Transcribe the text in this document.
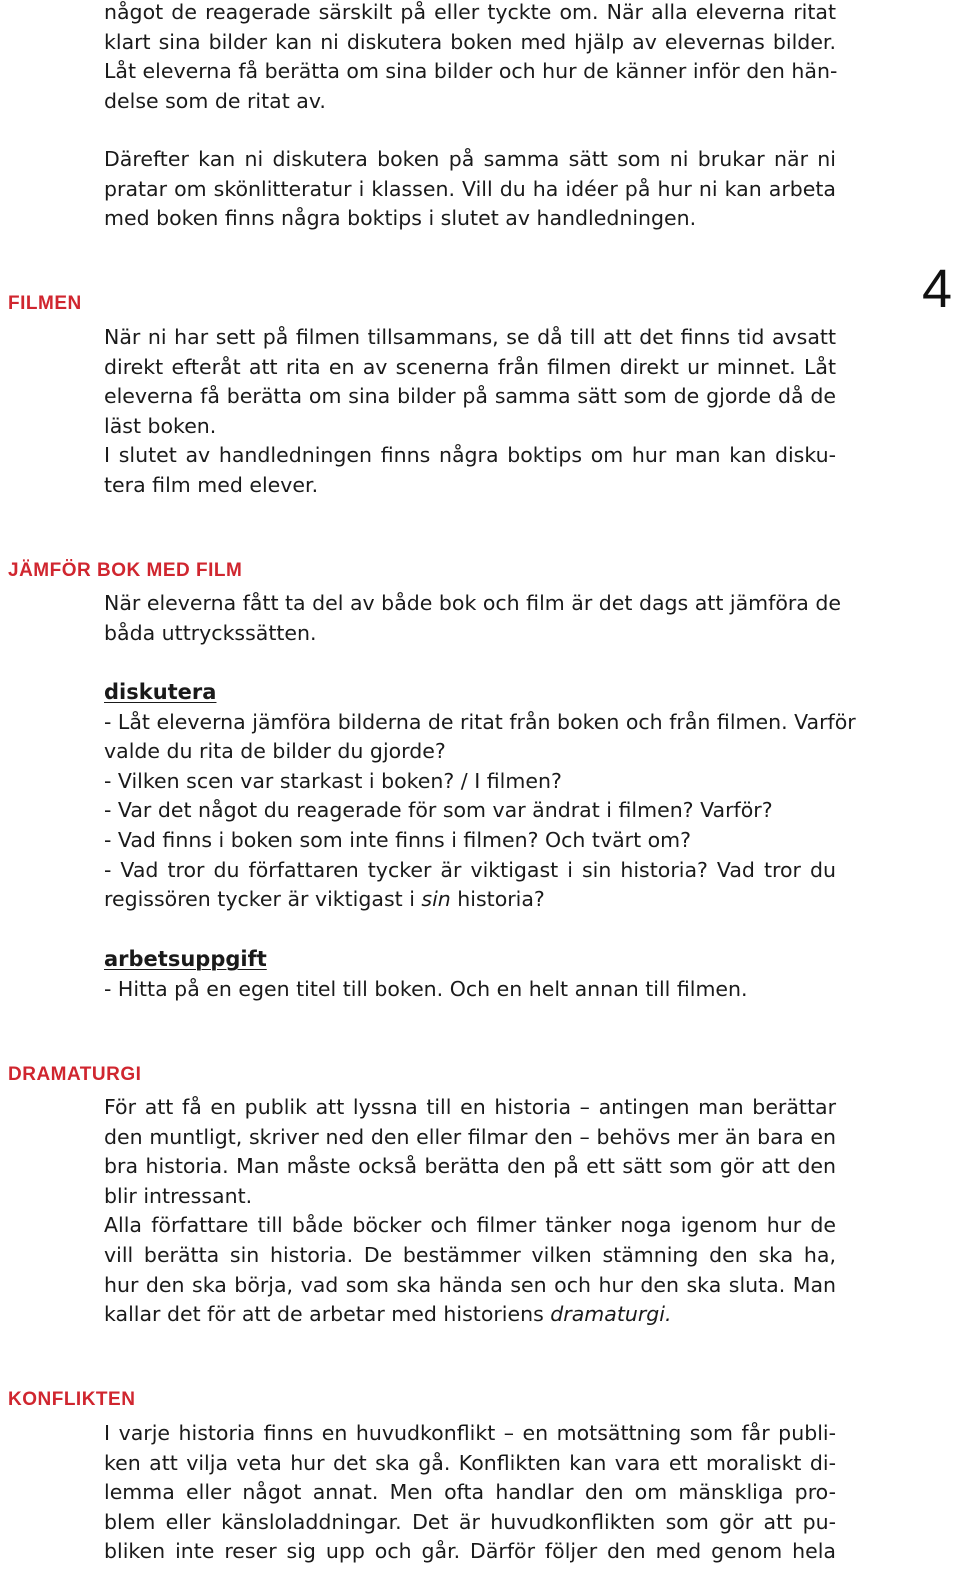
något de reagerade särskilt på eller tyckte om. När alla eleverna ritat
klart sina bilder kan ni diskutera boken med hjälp av elevernas bilder.
Låt eleverna få berätta om sina bilder och hur de känner inför den hän-
delse som de ritat av.
Därefter kan ni diskutera boken på samma sätt som ni brukar när ni
pratar om skönlitteratur i klassen. Vill du ha idéer på hur ni kan arbeta
med boken finns några boktips i slutet av handledningen.
FILMEN	4
När ni har sett på filmen tillsammans, se då till att det finns tid avsatt
direkt efteråt att rita en av scenerna från filmen direkt ur minnet. Låt
eleverna få berätta om sina bilder på samma sätt som de gjorde då de
läst boken.
I slutet av handledningen finns några boktips om hur man kan disku-
tera film med elever.
JÄMFÖR BOK MED FILM
När eleverna fått ta del av både bok och film är det dags att jämföra de
båda uttryckssätten.
diskutera
- Låt eleverna jämföra bilderna de ritat från boken och från filmen. Varför
valde du rita de bilder du gjorde?
- Vilken scen var starkast i boken? / I filmen?
- Var det något du reagerade för som var ändrat i filmen? Varför?
- Vad finns i boken som inte finns i filmen? Och tvärt om?
- Vad tror du författaren tycker är viktigast i sin historia? Vad tror du
regissören tycker är viktigast i sin historia?
arbetsuppgift
- Hitta på en egen titel till boken. Och en helt annan till filmen.
DRAMATURGI
För att få en publik att lyssna till en historia – antingen man berättar
den muntligt, skriver ned den eller filmar den – behövs mer än bara en
bra historia. Man måste också berätta den på ett sätt som gör att den
blir intressant.
Alla författare till både böcker och filmer tänker noga igenom hur de
vill berätta sin historia. De bestämmer vilken stämning den ska ha,
hur den ska börja, vad som ska hända sen och hur den ska sluta. Man
kallar det för att de arbetar med historiens dramaturgi.
KONFLIKTEN
I varje historia finns en huvudkonflikt – en motsättning som får publi-
ken att vilja veta hur det ska gå. Konflikten kan vara ett moraliskt di-
lemma eller något annat. Men ofta handlar den om mänskliga pro-
blem eller känsloladdningar. Det är huvudkonflikten som gör att pu-
bliken inte reser sig upp och går. Därför följer den med genom hela
